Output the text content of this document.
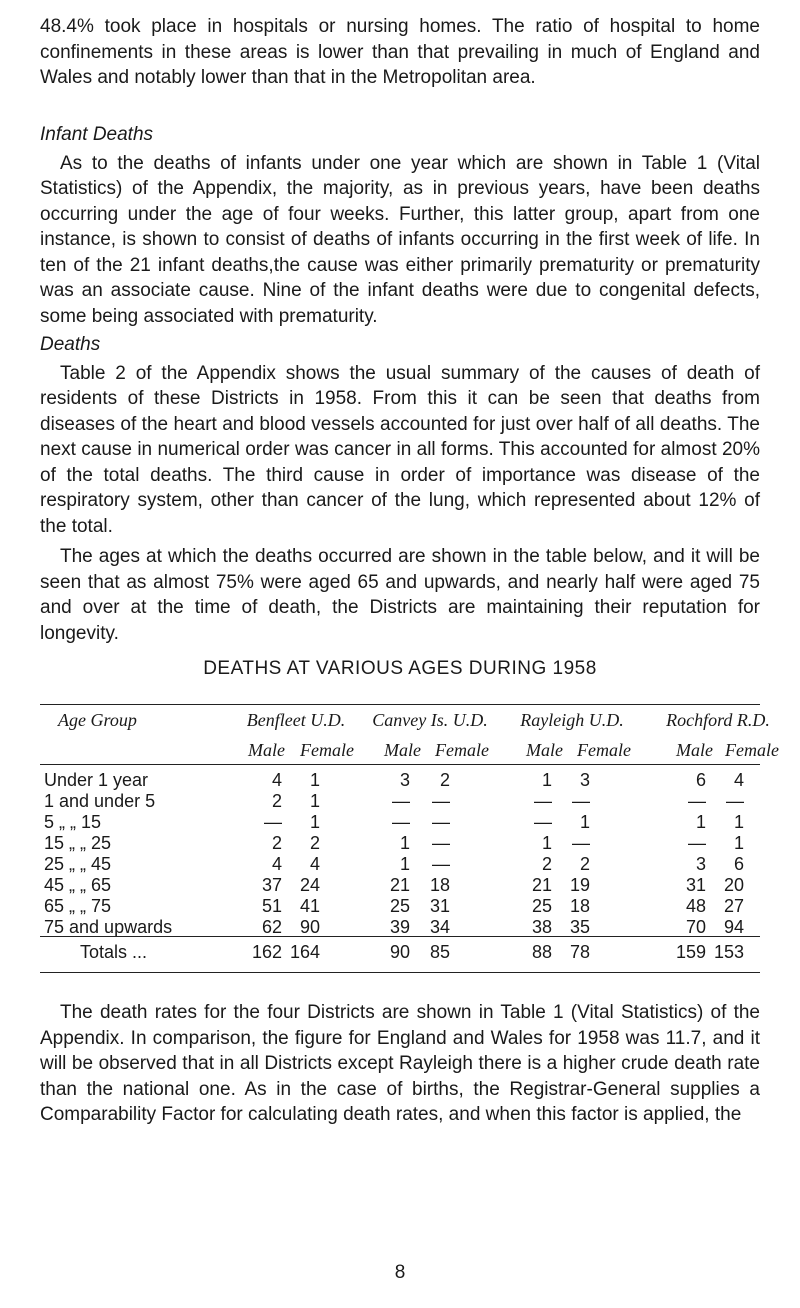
48.4% took place in hospitals or nursing homes. The ratio of hospital to home confinements in these areas is lower than that prevailing in much of England and Wales and notably lower than that in the Metropolitan area.

Infant Deaths

As to the deaths of infants under one year which are shown in Table 1 (Vital Statistics) of the Appendix, the majority, as in previous years, have been deaths occurring under the age of four weeks. Further, this latter group, apart from one instance, is shown to consist of deaths of infants occurring in the first week of life. In ten of the 21 infant deaths,the cause was either primarily prematurity or prematurity was an associate cause. Nine of the infant deaths were due to congenital defects, some being associated with prematurity.

Deaths

Table 2 of the Appendix shows the usual summary of the causes of death of residents of these Districts in 1958. From this it can be seen that deaths from diseases of the heart and blood vessels accounted for just over half of all deaths. The next cause in numerical order was cancer in all forms. This accounted for almost 20% of the total deaths. The third cause in order of importance was disease of the respiratory system, other than cancer of the lung, which represented about 12% of the total.

The ages at which the deaths occurred are shown in the table below, and it will be seen that as almost 75% were aged 65 and upwards, and nearly half were aged 75 and over at the time of death, the Districts are maintaining their reputation for longevity.

DEATHS AT VARIOUS AGES DURING 1958
Age Group	Benfleet U.D.	Canvey Is. U.D.	Rayleigh U.D.	Rochford R.D.
Male Female Male Female Male Female	Male Female
Under 1 year	4	1	3	2	1	3	6	4
1 and under 5	2	1	—	—	—	—	—	—
5 „ „ 15	—	1	—	—	—	1	1	1
15 „ „ 25	2	2	1	—	1	—	—	1
25 „ „ 45	4	4	1	—	2	2	3	6
45 „ „ 65	37 24	21	18	21 19	31 20
65 „ „ 75	51 41	25	31	25 18	48 27
75 and upwards	62 90	39	34	38 35	70 94
Totals ...	162 164	90	85	88 78	159 153

The death rates for the four Districts are shown in Table 1 (Vital Statistics) of the Appendix. In comparison, the figure for England and Wales for 1958 was 11.7, and it will be observed that in all Districts except Rayleigh there is a higher crude death rate than the national one. As in the case of births, the Registrar-General supplies a Comparability Factor for calculating death rates, and when this factor is applied, the

8
